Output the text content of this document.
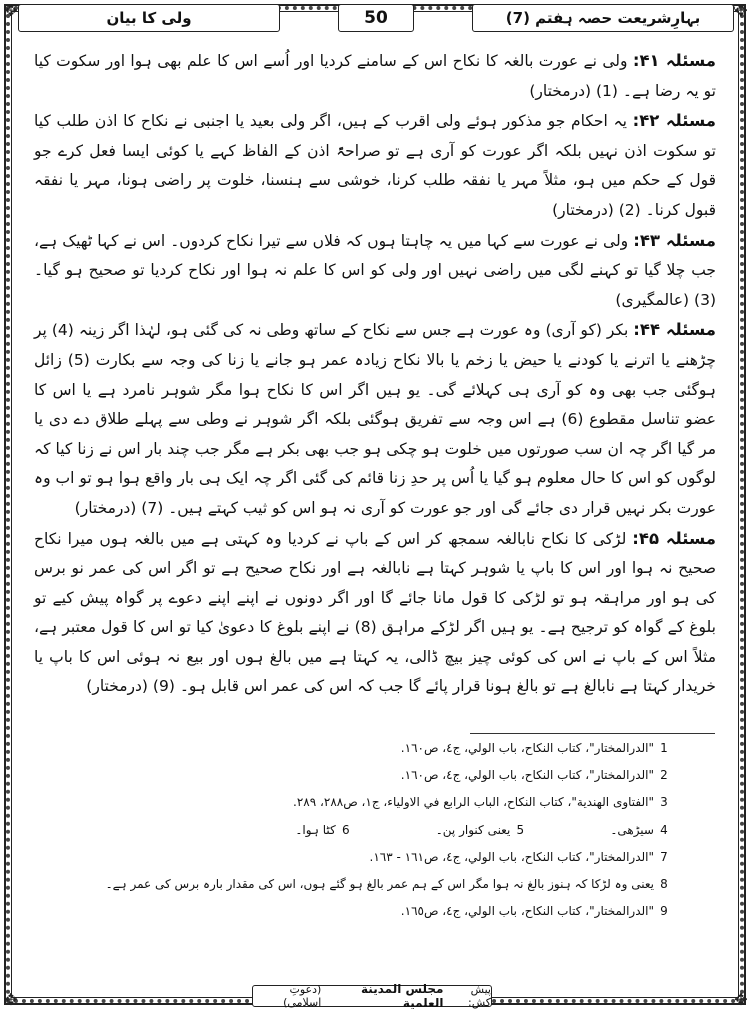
✥	✥
✥	✥
بہارِشریعت حصہ ہفتم (7)
50
ولی کا بیان

مسئلہ ۴۱: ولی نے عورت بالغہ کا نکاح اس کے سامنے کردیا اور اُسے اس کا علم بھی ہوا اور سکوت کیا تو یہ رضا ہے۔ (1) (درمختار)

مسئلہ ۴۲: یہ احکام جو مذکور ہوئے ولی اقرب کے ہیں، اگر ولی بعید یا اجنبی نے نکاح کا اذن طلب کیا تو سکوت اذن نہیں بلکہ اگر عورت کو آری ہے تو صراحۃً اذن کے الفاظ کہے یا کوئی ایسا فعل کرے جو قول کے حکم میں ہو، مثلاً مہر یا نفقہ طلب کرنا، خوشی سے ہنسنا، خلوت پر راضی ہونا، مہر یا نفقہ قبول کرنا۔ (2) (درمختار)

مسئلہ ۴۳: ولی نے عورت سے کہا میں یہ چاہتا ہوں کہ فلاں سے تیرا نکاح کردوں۔ اس نے کہا ٹھیک ہے، جب چلا گیا تو کہنے لگی میں راضی نہیں اور ولی کو اس کا علم نہ ہوا اور نکاح کردیا تو صحیح ہو گیا۔ (3) (عالمگیری)

مسئلہ ۴۴: بکر (کو آری) وہ عورت ہے جس سے نکاح کے ساتھ وطی نہ کی گئی ہو، لہٰذا اگر زینہ (4) پر چڑھنے یا اترنے یا کودنے یا حیض یا زخم یا بالا نکاح زیادہ عمر ہو جانے یا زنا کی وجہ سے بکارت (5) زائل ہوگئی جب بھی وہ کو آری ہی کہلائے گی۔ یو ہیں اگر اس کا نکاح ہوا مگر شوہر نامرد ہے یا اس کا عضو تناسل مقطوع (6) ہے اس وجہ سے تفریق ہوگئی بلکہ اگر شوہر نے وطی سے پہلے طلاق دے دی یا مر گیا اگر چہ ان سب صورتوں میں خلوت ہو چکی ہو جب بھی بکر ہے مگر جب چند بار اس نے زنا کیا کہ لوگوں کو اس کا حال معلوم ہو گیا یا اُس پر حدِ زنا قائم کی گئی اگر چہ ایک ہی بار واقع ہوا ہو تو اب وہ عورت بکر نہیں قرار دی جائے گی اور جو عورت کو آری نہ ہو اس کو ثیب کہتے ہیں۔ (7) (درمختار)

مسئلہ ۴۵: لڑکی کا نکاح نابالغہ سمجھ کر اس کے باپ نے کردیا وہ کہتی ہے میں بالغہ ہوں میرا نکاح صحیح نہ ہوا اور اس کا باپ یا شوہر کہتا ہے نابالغہ ہے اور نکاح صحیح ہے تو اگر اس کی عمر نو برس کی ہو اور مراہقہ ہو تو لڑکی کا قول مانا جائے گا اور اگر دونوں نے اپنے اپنے دعوے پر گواہ پیش کیے تو بلوغ کے گواہ کو ترجیح ہے۔ یو ہیں اگر لڑکے مراہق (8) نے اپنے بلوغ کا دعویٰ کیا تو اس کا قول معتبر ہے، مثلاً اس کے باپ نے اس کی کوئی چیز بیچ ڈالی، یہ کہتا ہے میں بالغ ہوں اور بیع نہ ہوئی اس کا باپ یا خریدار کہتا ہے نابالغ ہے تو بالغ ہونا قرار پائے گا جب کہ اس کی عمر اس قابل ہو۔ (9) (درمختار)

1"الدرالمختار"، كتاب النكاح، باب الولي، ج٤، ص١٦٠.
2"الدرالمختار"، كتاب النكاح، باب الولي، ج٤، ص١٦٠.
3"الفتاوى الهندية"، كتاب النكاح، الباب الرابع في الاولياء، ج١، ص٢٨٨، ٢٨٩.
4سیڑھی۔
5یعنی کنوار پن۔
6کٹا ہوا۔
7"الدرالمختار"، كتاب النكاح، باب الولي، ج٤، ص١٦١ - ١٦٣.
8یعنی وہ لڑکا کہ ہنوز بالغ نہ ہوا مگر اس کے ہم عمر بالغ ہو گئے ہوں، اس کی مقدار بارہ برس کی عمر ہے۔
9"الدرالمختار"، كتاب النكاح، باب الولي، ج٤، ص١٦٥.
پیش کش:
مجلس المدينة العلمية
(دعوتِ اسلامی)
